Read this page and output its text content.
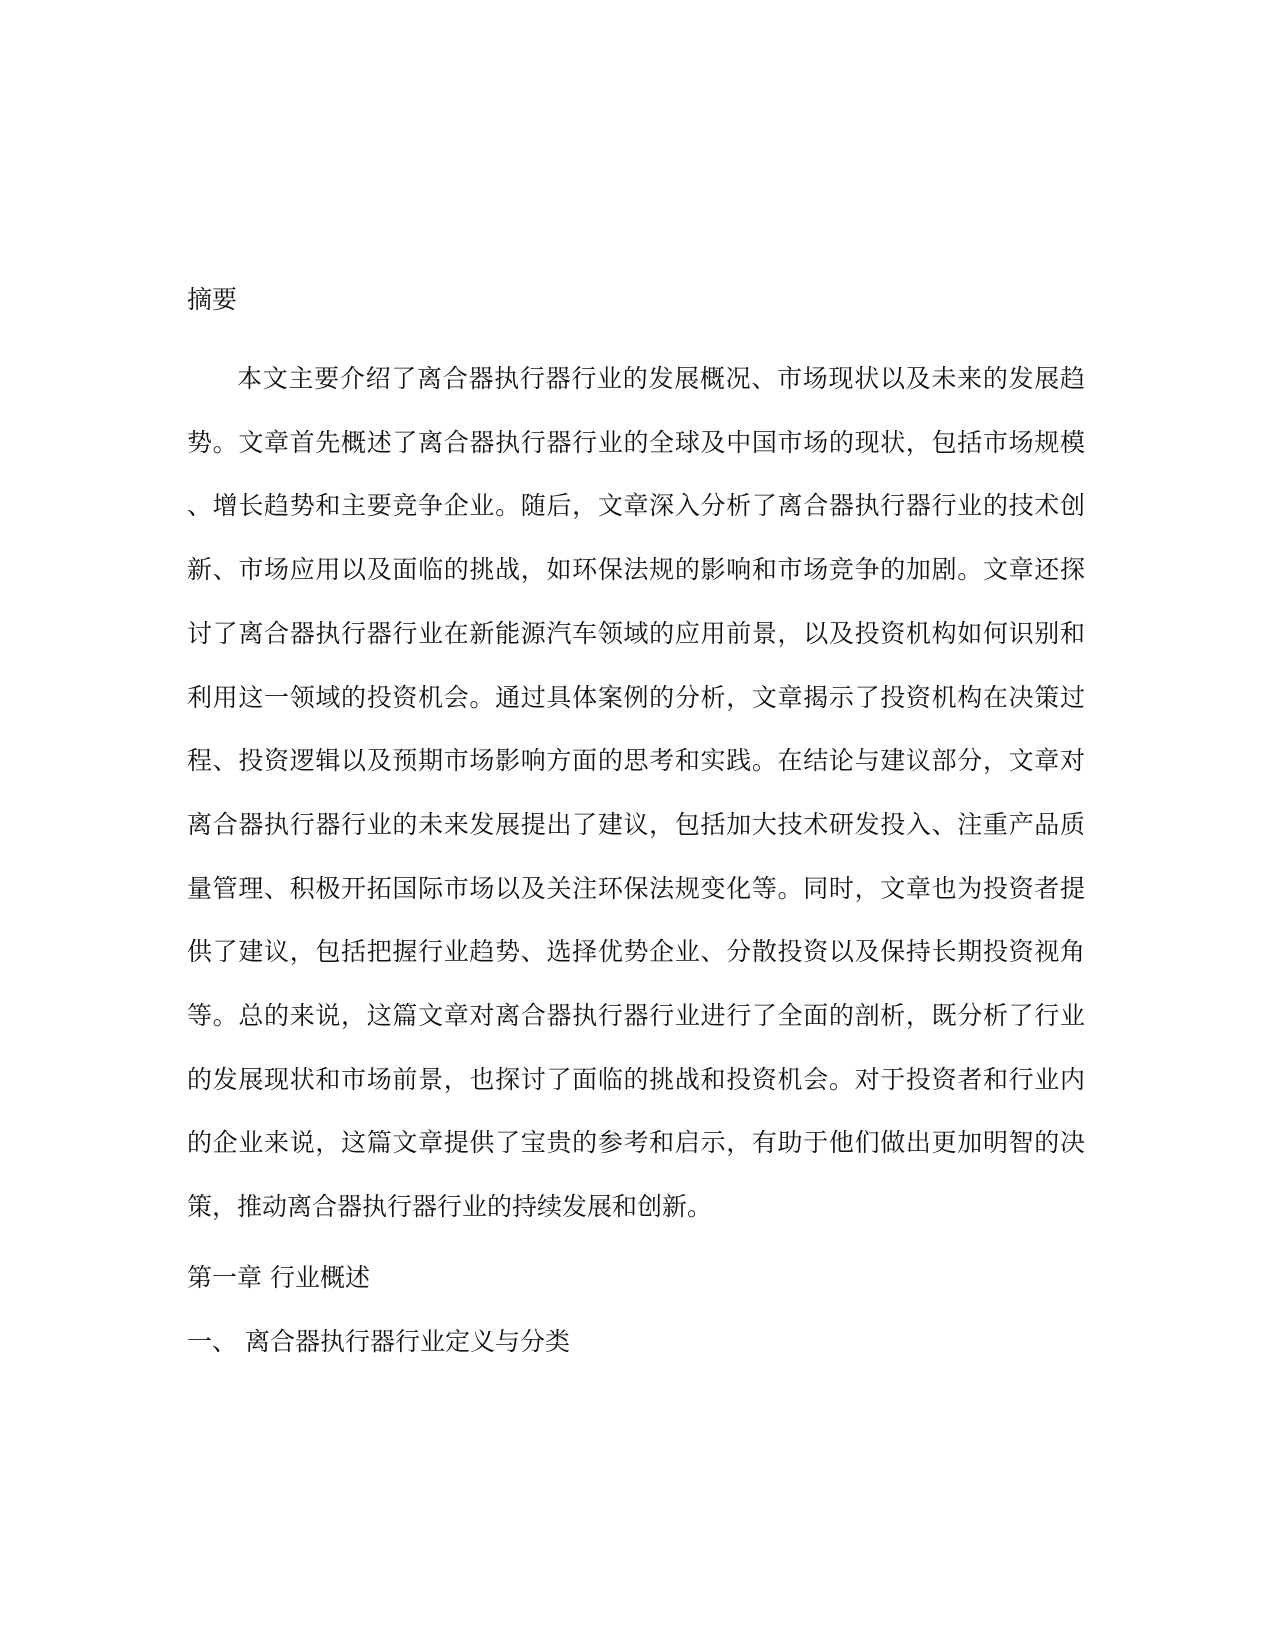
摘要

本文主要介绍了离合器执行器行业的发展概况、市场现状以及未来的发展趋势。文章首先概述了离合器执行器行业的全球及中国市场的现状，包括市场规模、增长趋势和主要竞争企业。随后，文章深入分析了离合器执行器行业的技术创新、市场应用以及面临的挑战，如环保法规的影响和市场竞争的加剧。文章还探讨了离合器执行器行业在新能源汽车领域的应用前景，以及投资机构如何识别和利用这一领域的投资机会。通过具体案例的分析，文章揭示了投资机构在决策过程、投资逻辑以及预期市场影响方面的思考和实践。在结论与建议部分，文章对离合器执行器行业的未来发展提出了建议，包括加大技术研发投入、注重产品质量管理、积极开拓国际市场以及关注环保法规变化等。同时，文章也为投资者提供了建议，包括把握行业趋势、选择优势企业、分散投资以及保持长期投资视角等。总的来说，这篇文章对离合器执行器行业进行了全面的剖析，既分析了行业的发展现状和市场前景，也探讨了面临的挑战和投资机会。对于投资者和行业内的企业来说，这篇文章提供了宝贵的参考和启示，有助于他们做出更加明智的决策，推动离合器执行器行业的持续发展和创新。

第一章 行业概述

一、 离合器执行器行业定义与分类
